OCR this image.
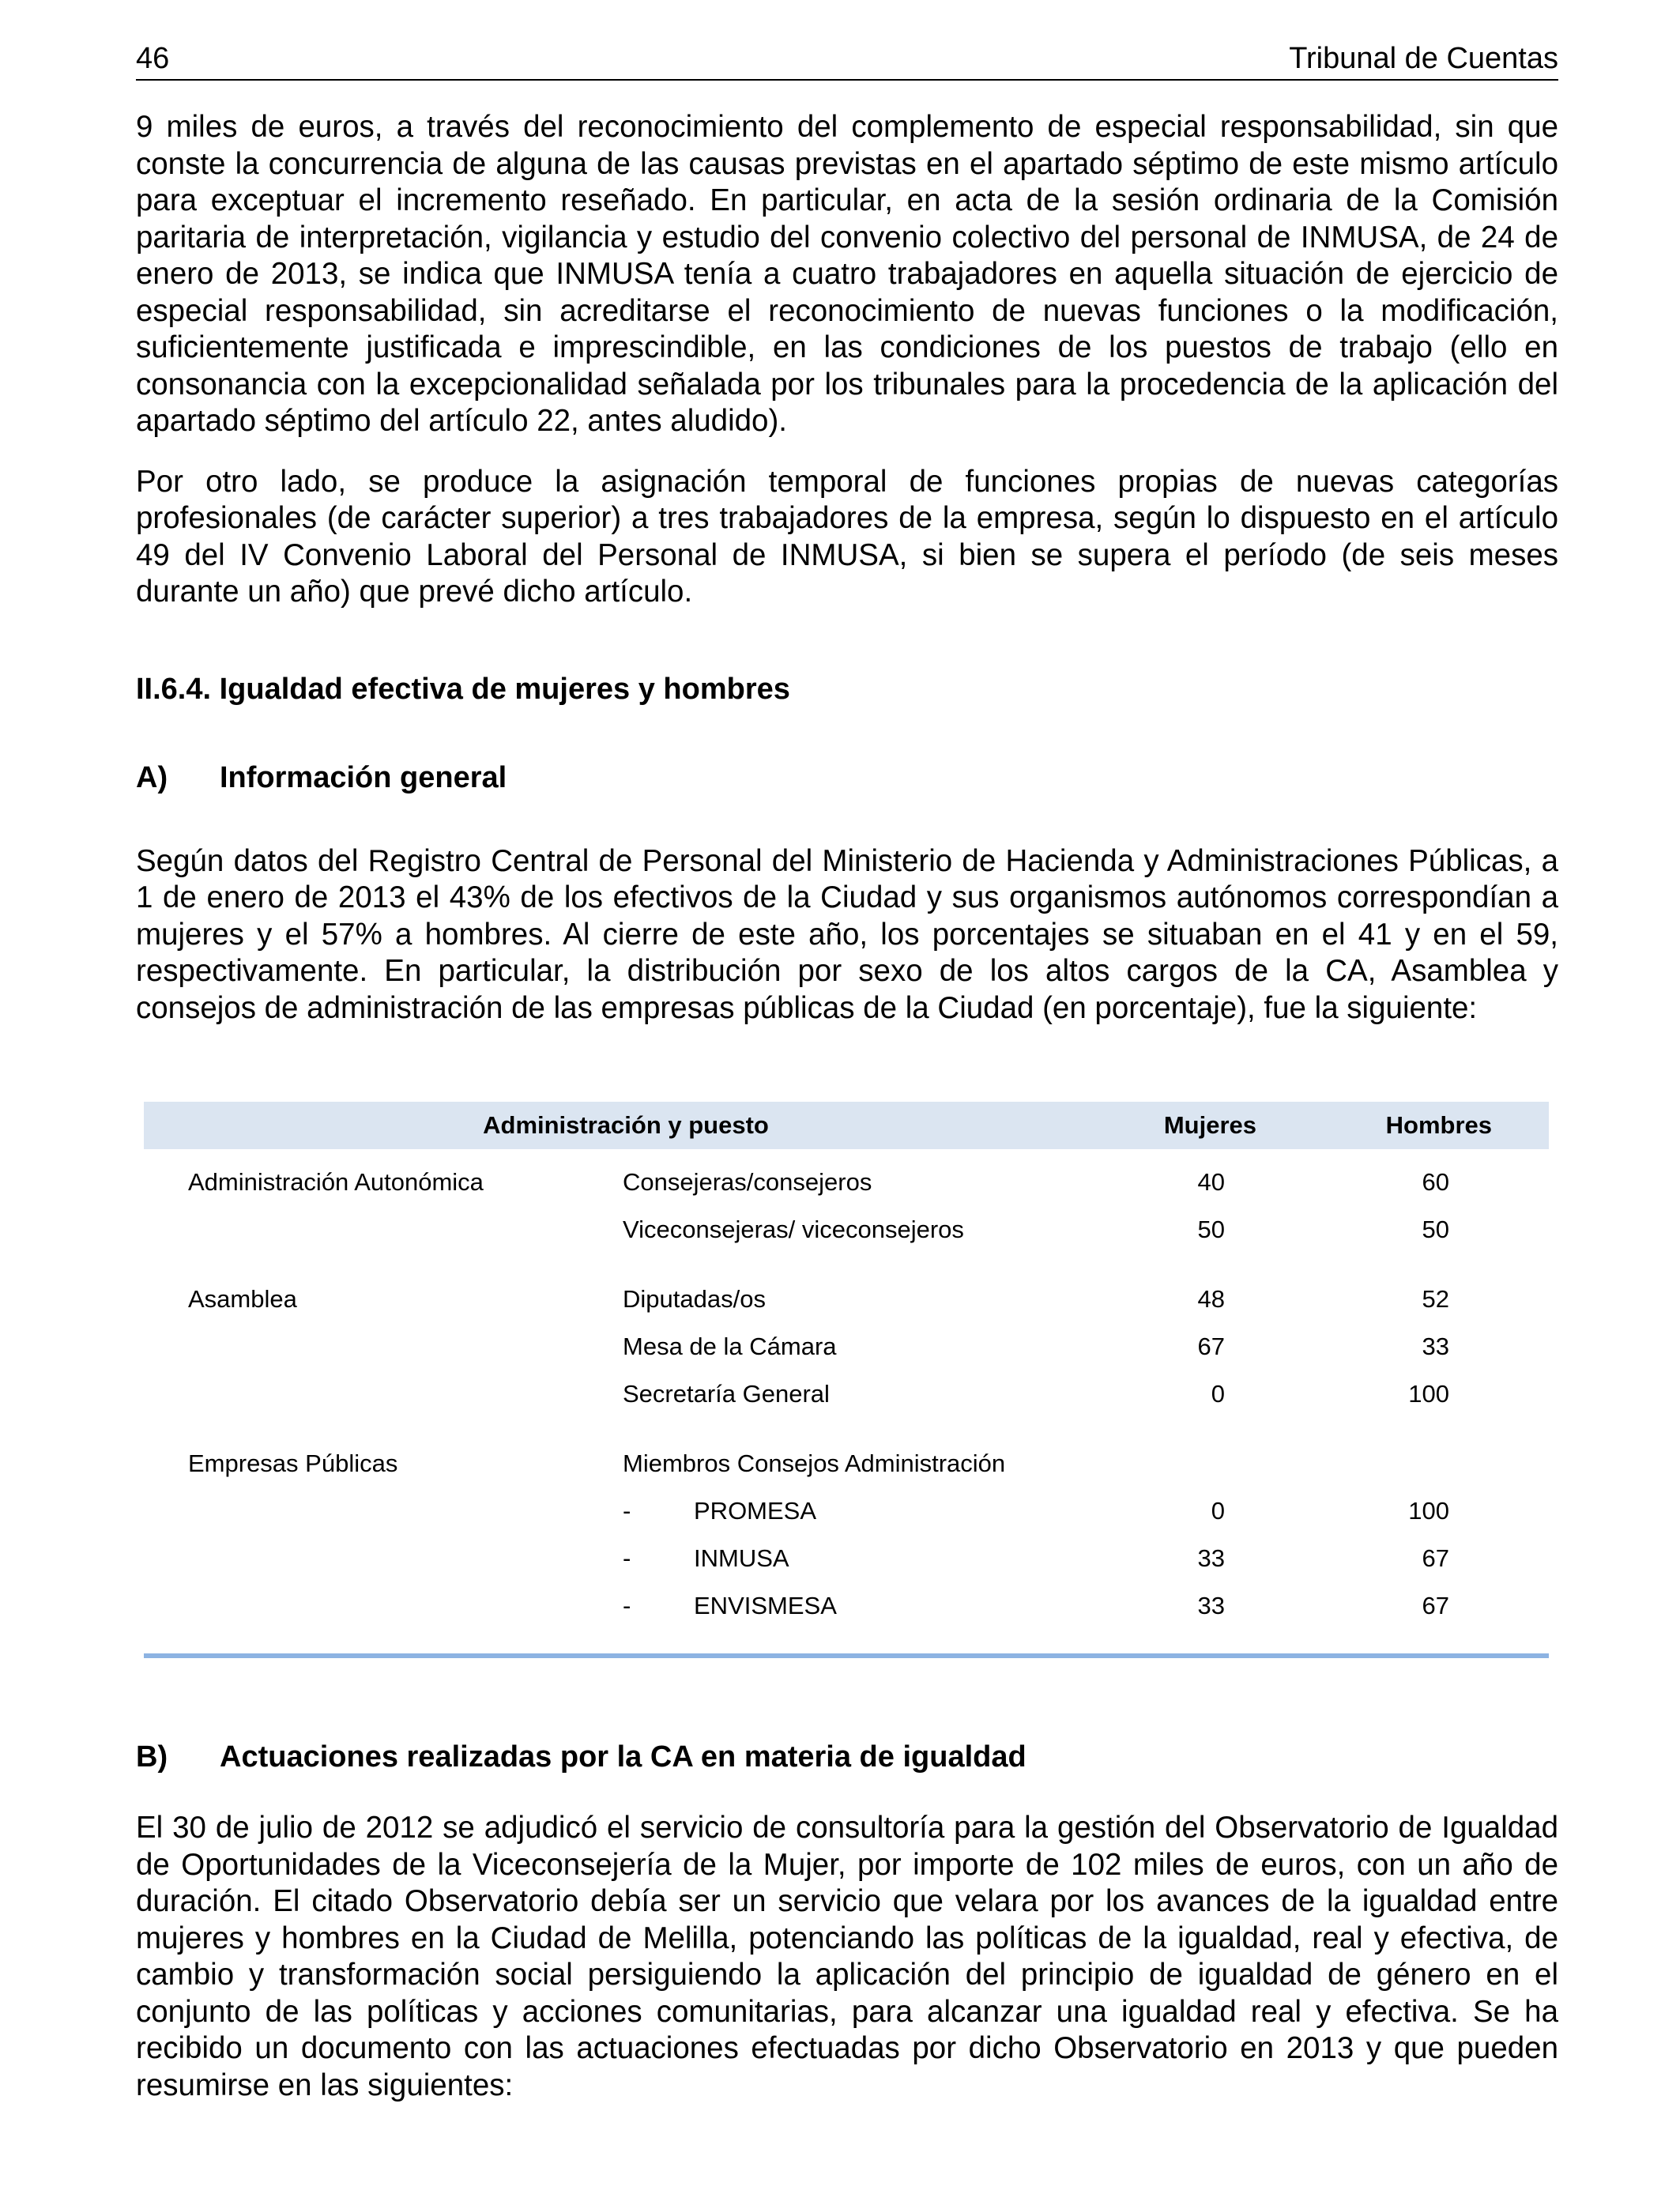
46	Tribunal de Cuentas

9 miles de euros, a través del reconocimiento del complemento de especial responsabilidad, sin que conste la concurrencia de alguna de las causas previstas en el apartado séptimo de este mismo artículo para exceptuar el incremento reseñado. En particular, en acta de la sesión ordinaria de la Comisión paritaria de interpretación, vigilancia y estudio del convenio colectivo del personal de INMUSA, de 24 de enero de 2013, se indica que INMUSA tenía a cuatro trabajadores en aquella situación de ejercicio de especial responsabilidad, sin acreditarse el reconocimiento de nuevas funciones o la modificación, suficientemente justificada e imprescindible, en las condiciones de los puestos de trabajo (ello en consonancia con la excepcionalidad señalada por los tribunales para la procedencia de la aplicación del apartado séptimo del artículo 22, antes aludido).

Por otro lado, se produce la asignación temporal de funciones propias de nuevas categorías profesionales (de carácter superior) a tres trabajadores de la empresa, según lo dispuesto en el artículo 49 del IV Convenio Laboral del Personal de INMUSA, si bien se supera el período (de seis meses durante un año) que prevé dicho artículo.

II.6.4. Igualdad efectiva de mujeres y hombres
A)	Información general

Según datos del Registro Central de Personal del Ministerio de Hacienda y Administraciones Públicas, a 1 de enero de 2013 el 43% de los efectivos de la Ciudad y sus organismos autónomos correspondían a mujeres y el 57% a hombres. Al cierre de este año, los porcentajes se situaban en el 41 y en el 59, respectivamente. En particular, la distribución por sexo de los altos cargos de la CA, Asamblea y consejos de administración de las empresas públicas de la Ciudad (en porcentaje), fue la siguiente:

Administración y puesto	Mujeres	Hombres
Administración Autonómica	Consejeras/consejeros	40	60
Viceconsejeras/ viceconsejeros	50	50
Asamblea	Diputadas/os	48	52
Mesa de la Cámara	67	33
Secretaría General	0	100
Empresas Públicas	Miembros Consejos Administración
-	PROMESA	0	100
-	INMUSA	33	67
-	ENVISMESA	33	67
B)	Actuaciones realizadas por la CA en materia de igualdad

El 30 de julio de 2012 se adjudicó el servicio de consultoría para la gestión del Observatorio de Igualdad de Oportunidades de la Viceconsejería de la Mujer, por importe de 102 miles de euros, con un año de duración. El citado Observatorio debía ser un servicio que velara por los avances de la igualdad entre mujeres y hombres en la Ciudad de Melilla, potenciando las políticas de la igualdad, real y efectiva, de cambio y transformación social persiguiendo la aplicación del principio de igualdad de género en el conjunto de las políticas y acciones comunitarias, para alcanzar una igualdad real y efectiva. Se ha recibido un documento con las actuaciones efectuadas por dicho Observatorio en 2013 y que pueden resumirse en las siguientes:
